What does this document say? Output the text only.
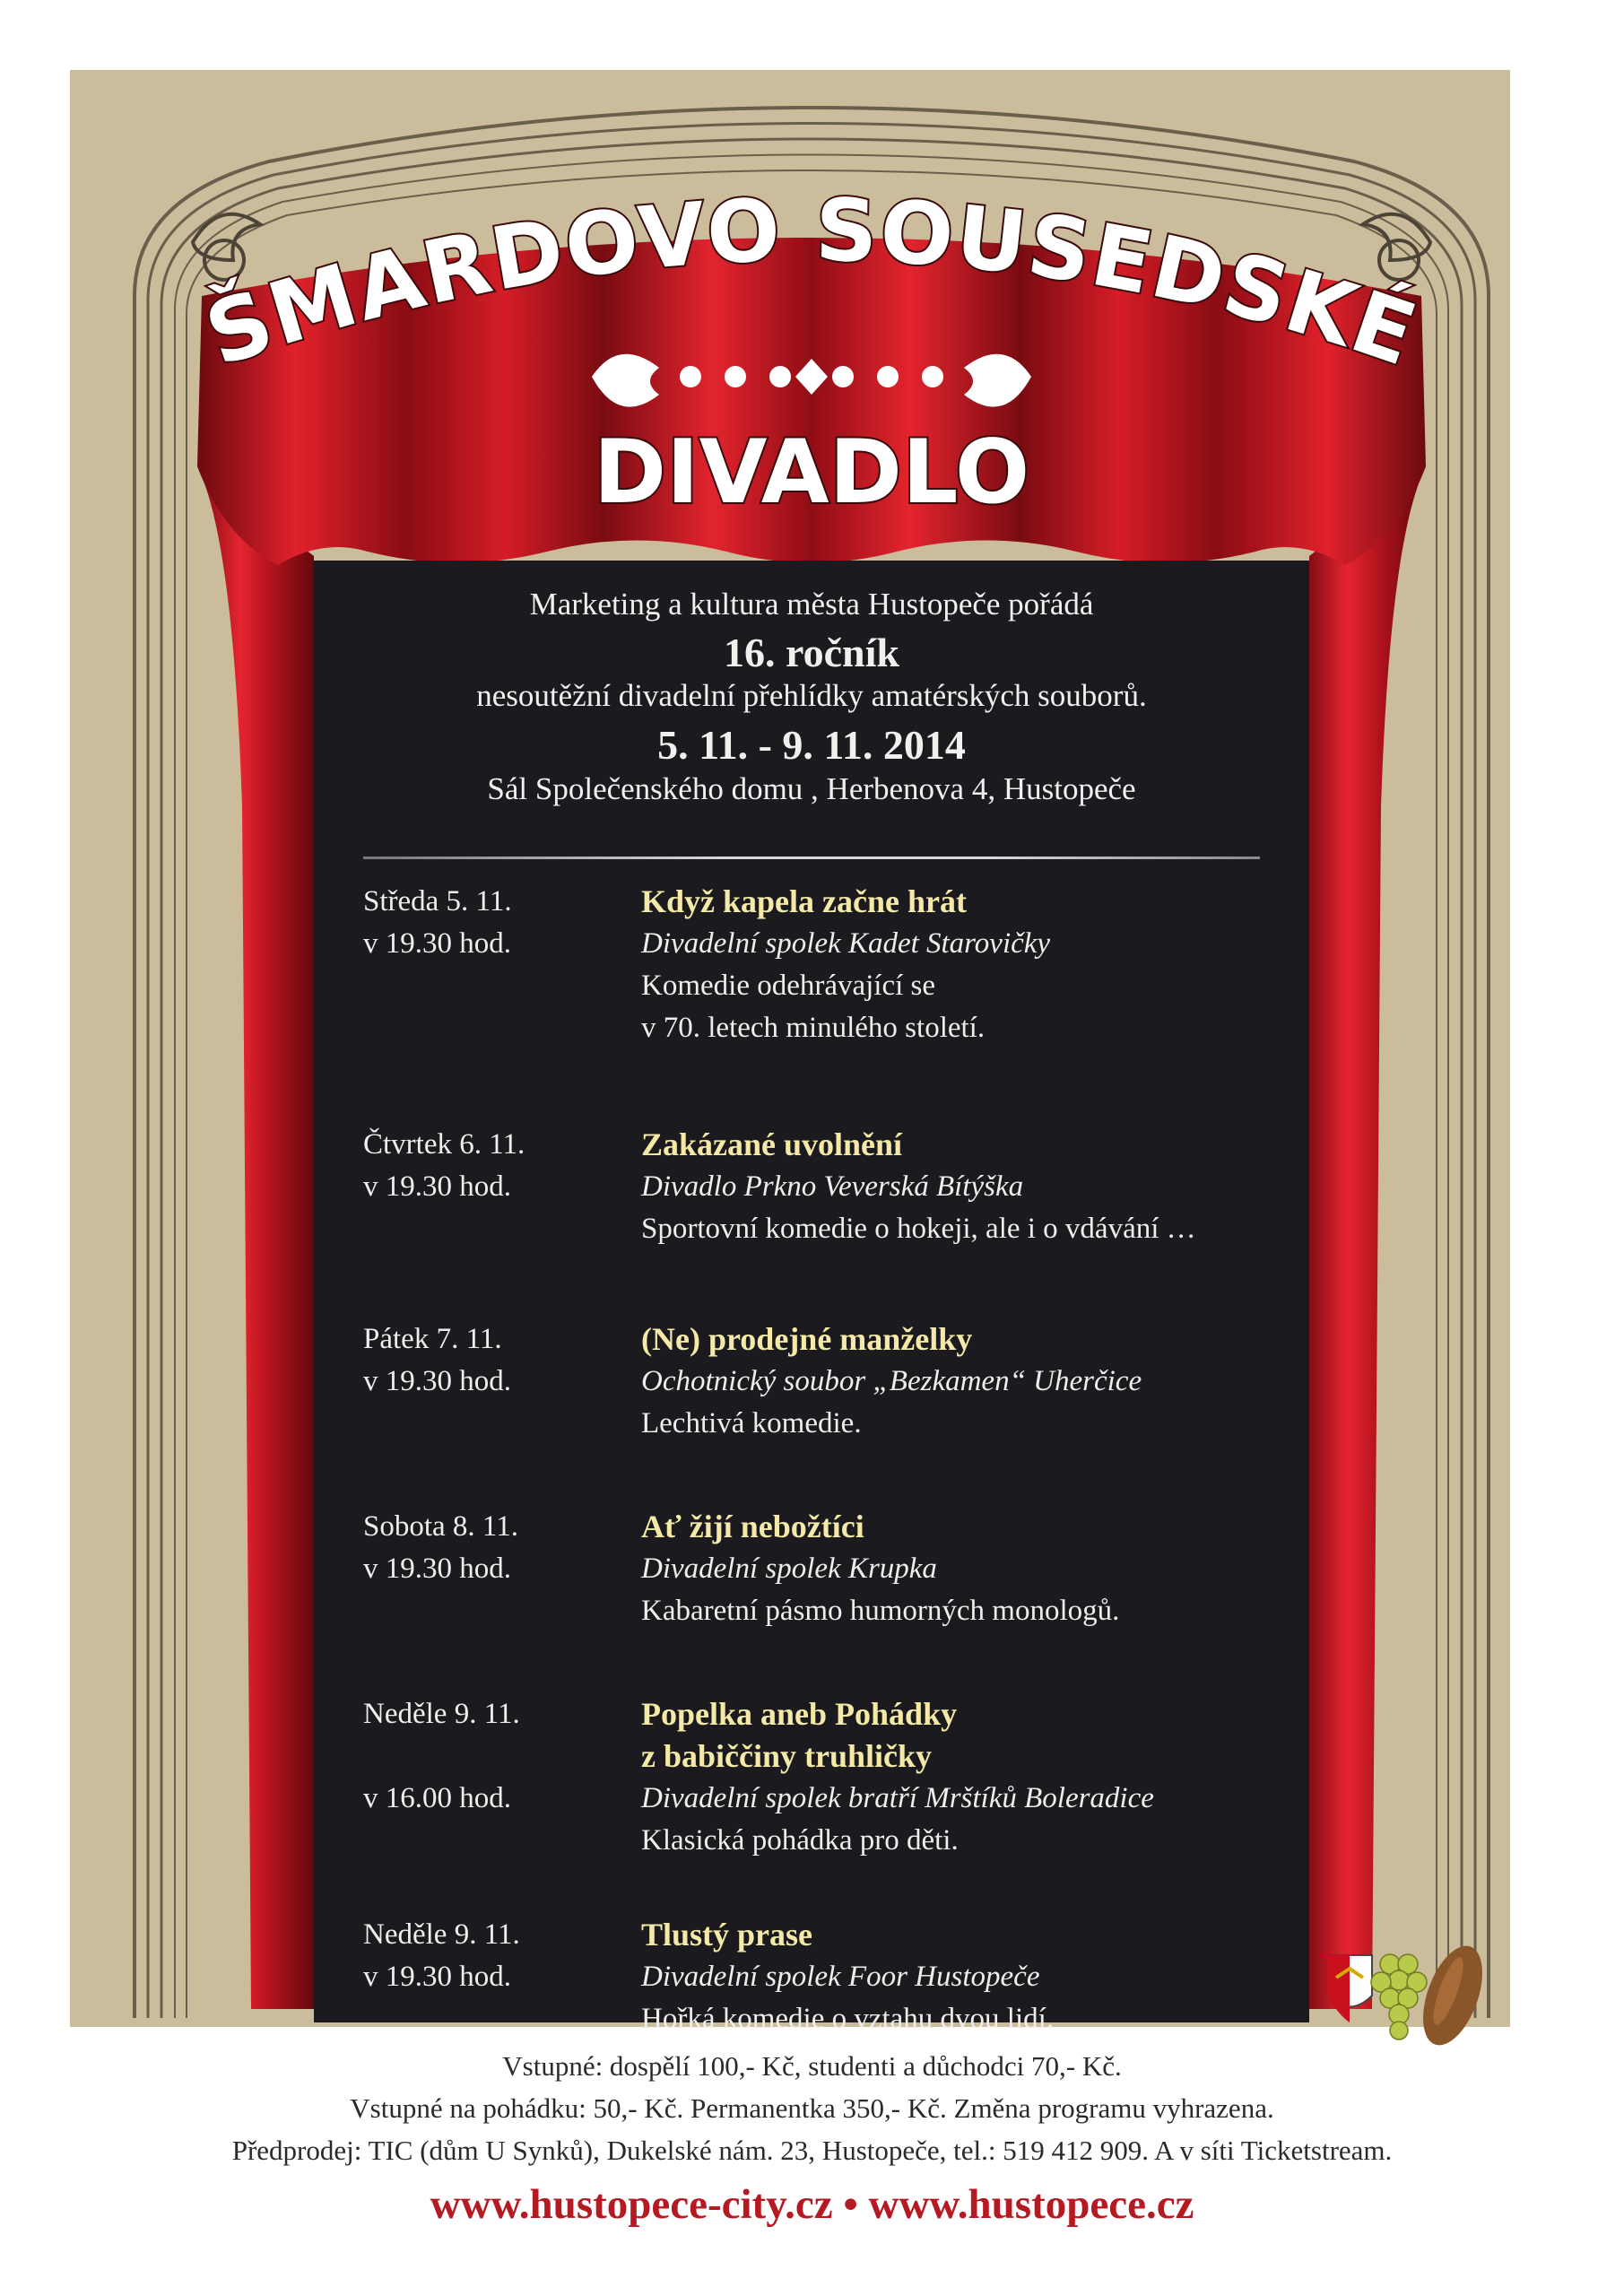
ŠMARDOVO SOUSEDSKÉ
DIVADLO
Marketing a kultura města Hustopeče pořádá
16. ročník
nesoutěžní divadelní přehlídky amatérských souborů.
5. 11. - 9. 11. 2014
Sál Společenského domu , Herbenova 4, Hustopeče
Středa 5. 11.	Když kapela začne hrát
v 19.30 hod.	Divadelní spolek Kadet Starovičky
Komedie odehrávající se
v 70. letech minulého století.
Čtvrtek 6. 11.	Zakázané uvolnění
v 19.30 hod.	Divadlo Prkno Veverská Bítýška
Sportovní komedie o hokeji, ale i o vdávání …
Pátek 7. 11.	(Ne) prodejné manželky
v 19.30 hod.	Ochotnický soubor „Bezkamen“ Uherčice
Lechtivá komedie.
Sobota 8. 11.	Ať žijí nebožtíci
v 19.30 hod.	Divadelní spolek Krupka
Kabaretní pásmo humorných monologů.
Neděle 9. 11.	Popelka aneb Pohádky
z babiččiny truhličky
v 16.00 hod.	Divadelní spolek bratří Mrštíků Boleradice
Klasická pohádka pro děti.
Neděle 9. 11.	Tlustý prase
v 19.30 hod.	Divadelní spolek Foor Hustopeče
Hořká komedie o vztahu dvou lidí.
Vstupné: dospělí 100,- Kč, studenti a důchodci 70,- Kč.
Vstupné na pohádku: 50,- Kč. Permanentka 350,- Kč. Změna programu vyhrazena.
Předprodej: TIC (dům U Synků), Dukelské nám. 23, Hustopeče, tel.: 519 412 909. A v síti Ticketstream.
www.hustopece-city.cz • www.hustopece.cz
